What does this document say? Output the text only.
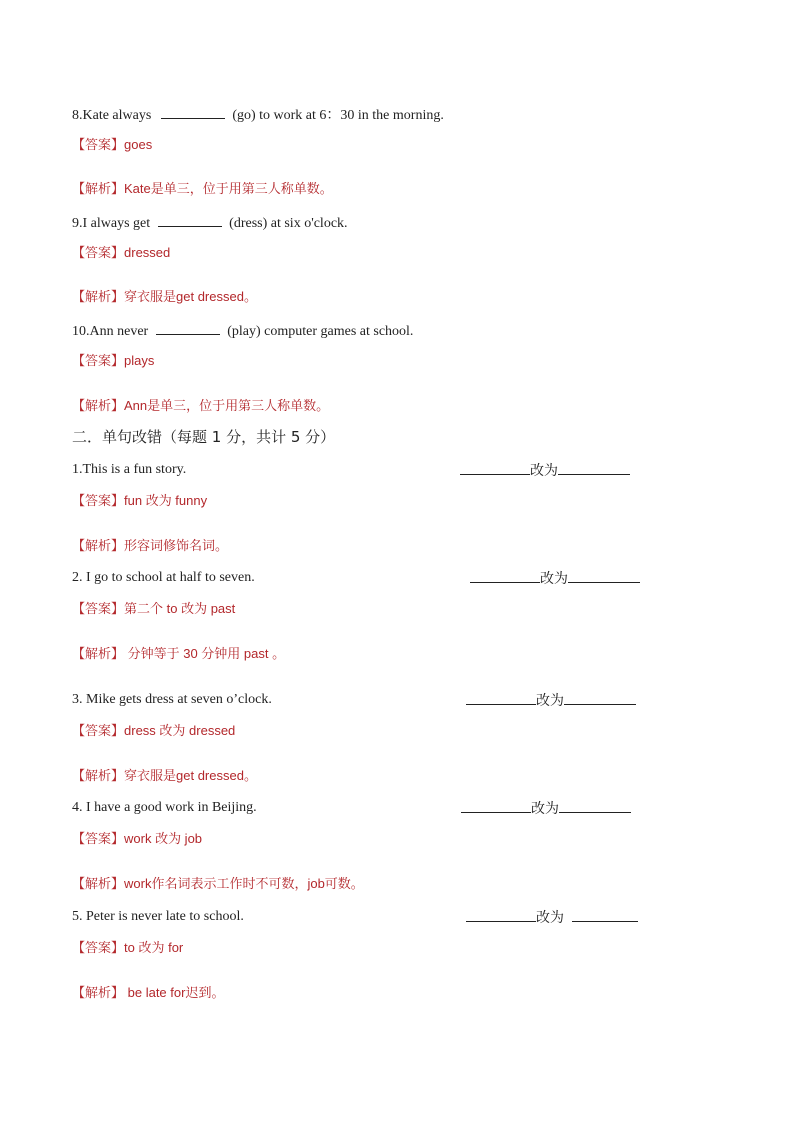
8.Kate always	(go) to work at 6：30 in the morning.
【答案】goes
【解析】Kate是单三，位于用第三人称单数。
9.I always get	(dress) at six o'clock.
【答案】dressed
【解析】穿衣服是get dressed。
10.Ann never	(play) computer games at school.
【答案】plays
【解析】Ann是单三，位于用第三人称单数。
二．单句改错（每题 1 分，共计 5 分）
1.This is a fun story.	改为
【答案】fun 改为 funny
【解析】形容词修饰名词。
2. I go to school at half to seven.	改为
【答案】第二个 to 改为 past
【解析】 分钟等于 30 分钟用 past 。
3. Mike gets dress at seven o’clock.	改为
【答案】dress 改为 dressed
【解析】穿衣服是get dressed。
4. I have a good work in Beijing.	改为
【答案】work 改为 job
【解析】work作名词表示工作时不可数，job可数。
5. Peter is never late to school.	改为
【答案】to 改为 for
【解析】 be late for迟到。
